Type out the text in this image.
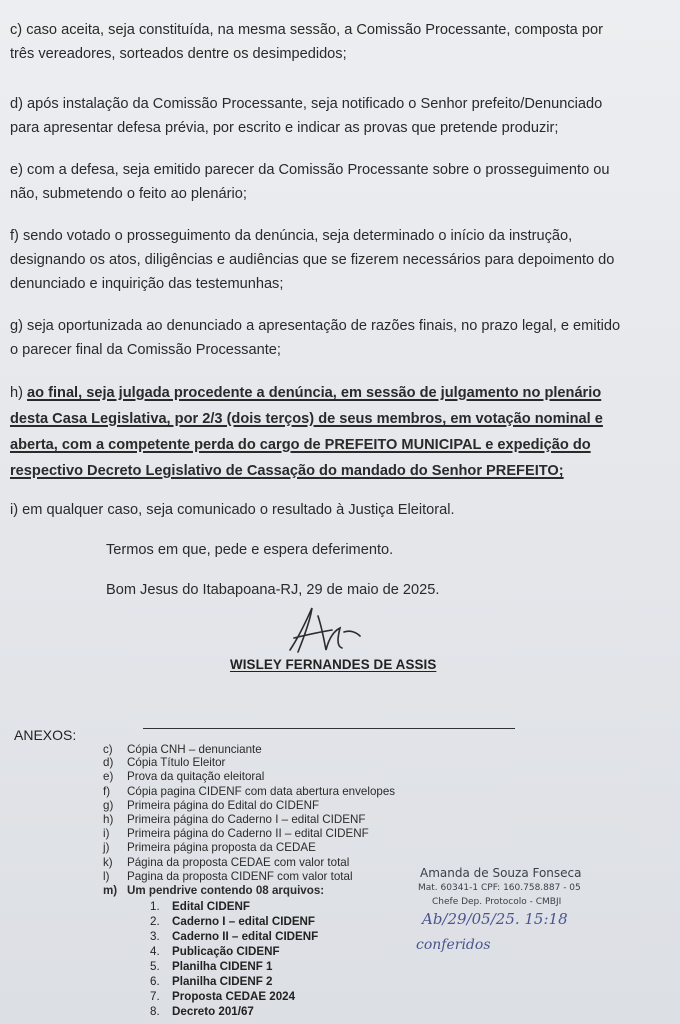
c) caso aceita, seja constituída, na mesma sessão, a Comissão Processante, composta por
três vereadores, sorteados dentre os desimpedidos;
d) após instalação da Comissão Processante, seja notificado o Senhor prefeito/Denunciado
para apresentar defesa prévia, por escrito e indicar as provas que pretende produzir;
e) com a defesa, seja emitido parecer da Comissão Processante sobre o prosseguimento ou
não, submetendo o feito ao plenário;
f) sendo votado o prosseguimento da denúncia, seja determinado o início da instrução,
designando os atos, diligências e audiências que se fizerem necessários para depoimento do
denunciado e inquirição das testemunhas;
g) seja oportunizada ao denunciado a apresentação de razões finais, no prazo legal, e emitido
o parecer final da Comissão Processante;
h) ao final, seja julgada procedente a denúncia, em sessão de julgamento no plenário
desta Casa Legislativa, por 2/3 (dois terços) de seus membros, em votação nominal e
aberta, com a competente perda do cargo de PREFEITO MUNICIPAL e expedição do
respectivo Decreto Legislativo de Cassação do mandado do Senhor PREFEITO;
i) em qualquer caso, seja comunicado o resultado à Justiça Eleitoral.
Termos em que, pede e espera deferimento.
Bom Jesus do Itabapoana-RJ, 29 de maio de 2025.
WISLEY FERNANDES DE ASSIS
ANEXOS:
c) Cópia CNH – denunciante
d) Cópia Título Eleitor
e) Prova da quitação eleitoral
f) Cópia pagina CIDENF com data abertura envelopes
g) Primeira página do Edital do CIDENF
h) Primeira página do Caderno I – edital CIDENF
i) Primeira página do Caderno II – edital CIDENF
j) Primeira página proposta da CEDAE
k) Página da proposta CEDAE com valor total
l) Pagina da proposta CIDENF com valor total
m) Um pendrive contendo 08 arquivos:
1. Edital CIDENF
2. Caderno I – edital CIDENF
3. Caderno II – edital CIDENF
4. Publicação CIDENF
5. Planilha CIDENF 1
6. Planilha CIDENF 2
7. Proposta CEDAE 2024
8. Decreto 201/67
Amanda de Souza Fonseca
Mat. 60341-1 CPF: 160.758.887 - 05
Chefe Dep. Protocolo - CMBJI
Ab/29/05/25. 15:18
conferidos
